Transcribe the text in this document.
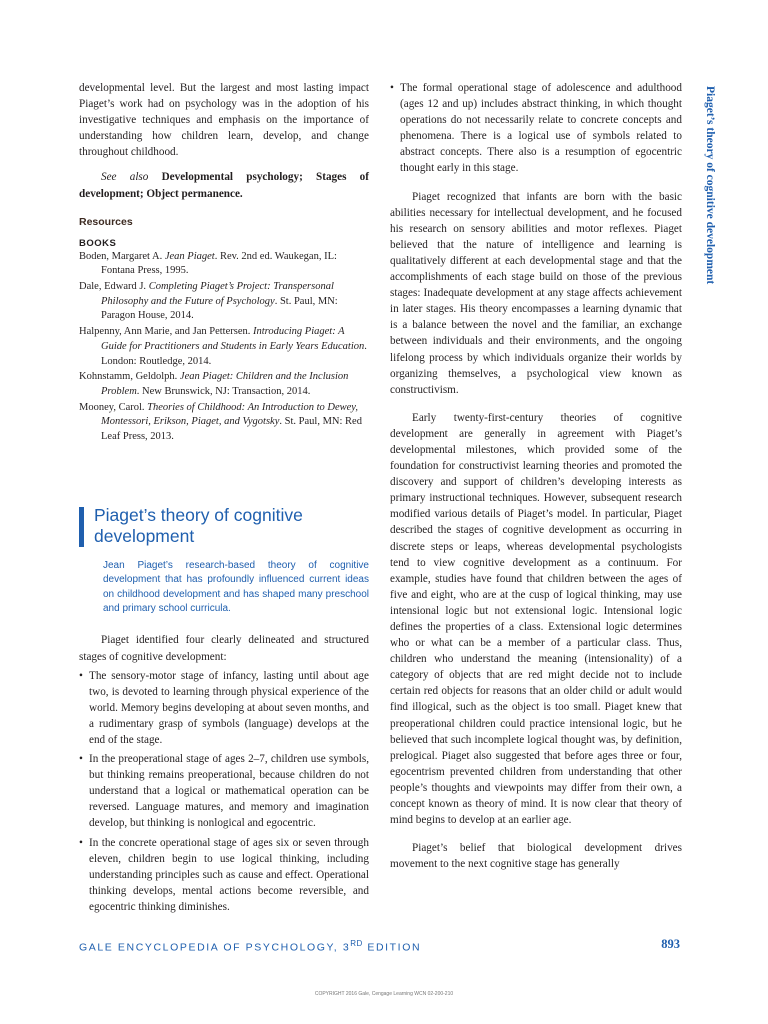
developmental level. But the largest and most lasting impact Piaget’s work had on psychology was in the adoption of his investigative techniques and emphasis on the importance of understanding how children learn, develop, and change throughout childhood.

See also Developmental psychology; Stages of development; Object permanence.

Resources
BOOKS

Boden, Margaret A. Jean Piaget. Rev. 2nd ed. Waukegan, IL: Fontana Press, 1995.

Dale, Edward J. Completing Piaget’s Project: Transpersonal Philosophy and the Future of Psychology. St. Paul, MN: Paragon House, 2014.

Halpenny, Ann Marie, and Jan Pettersen. Introducing Piaget: A Guide for Practitioners and Students in Early Years Education. London: Routledge, 2014.

Kohnstamm, Geldolph. Jean Piaget: Children and the Inclusion Problem. New Brunswick, NJ: Transaction, 2014.

Mooney, Carol. Theories of Childhood: An Introduction to Dewey, Montessori, Erikson, Piaget, and Vygotsky. St. Paul, MN: Red Leaf Press, 2013.

Piaget’s theory of cognitive development

Jean Piaget’s research-based theory of cognitive development that has profoundly influenced current ideas on childhood development and has shaped many preschool and primary school curricula.

Piaget identified four clearly delineated and structured stages of cognitive development:

• The sensory-motor stage of infancy, lasting until about age two, is devoted to learning through physical experience of the world. Memory begins developing at about seven months, and a rudimentary grasp of symbols (language) develops at the end of the stage.
• In the preoperational stage of ages 2–7, children use symbols, but thinking remains preoperational, because children do not understand that a logical or mathematical operation can be reversed. Language matures, and memory and imagination develop, but thinking is nonlogical and egocentric.
• In the concrete operational stage of ages six or seven through eleven, children begin to use logical thinking, including understanding principles such as cause and effect. Operational thinking develops, mental actions become reversible, and egocentric thinking diminishes.
• The formal operational stage of adolescence and adulthood (ages 12 and up) includes abstract thinking, in which thought operations do not necessarily relate to concrete concepts and phenomena. There is a logical use of symbols related to abstract concepts. There also is a resumption of egocentric thought early in this stage.

Piaget recognized that infants are born with the basic abilities necessary for intellectual development, and he focused his research on sensory abilities and motor reflexes. Piaget believed that the nature of intelligence and learning is qualitatively different at each developmental stage and that the accomplishments of each stage build on those of the previous stages: Inadequate development at any stage affects achievement in later stages. His theory encompasses a learning dynamic that is a balance between the novel and the familiar, an exchange between individuals and their environments, and the ongoing lifelong process by which individuals organize their worlds by organizing themselves, a psychological view known as constructivism.

Early twenty-first-century theories of cognitive development are generally in agreement with Piaget’s developmental milestones, which provided some of the foundation for constructivist learning theories and promoted the discovery and support of children’s developing interests as primary instructional techniques. However, subsequent research modified various details of Piaget’s model. In particular, Piaget described the stages of cognitive development as occurring in discrete steps or leaps, whereas developmental psychologists tend to view cognitive development as a continuum. For example, studies have found that children between the ages of five and eight, who are at the cusp of logical thinking, may use intensional logic but not extensional logic. Intensional logic defines the properties of a class. Extensional logic determines who or what can be a member of a particular class. Thus, children who understand the meaning (intensionality) of a category of objects that are red might decide not to include certain red objects for reasons that an older child or adult would find illogical, such as the object is too small. Piaget knew that preoperational children could practice intensional logic, but he believed that such incomplete logical thought was, by definition, prelogical. Piaget also suggested that before ages three or four, egocentrism prevented children from understanding that other people’s thoughts and viewpoints may differ from their own, a concept known as theory of mind. It is now clear that theory of mind begins to develop at an earlier age.

Piaget’s belief that biological development drives movement to the next cognitive stage has generally

Piaget’s theory of cognitive development
GALE ENCYCLOPEDIA OF PSYCHOLOGY, 3RD EDITION	893
COPYRIGHT 2016 Gale, Cengage Learning WCN 02-200-210
